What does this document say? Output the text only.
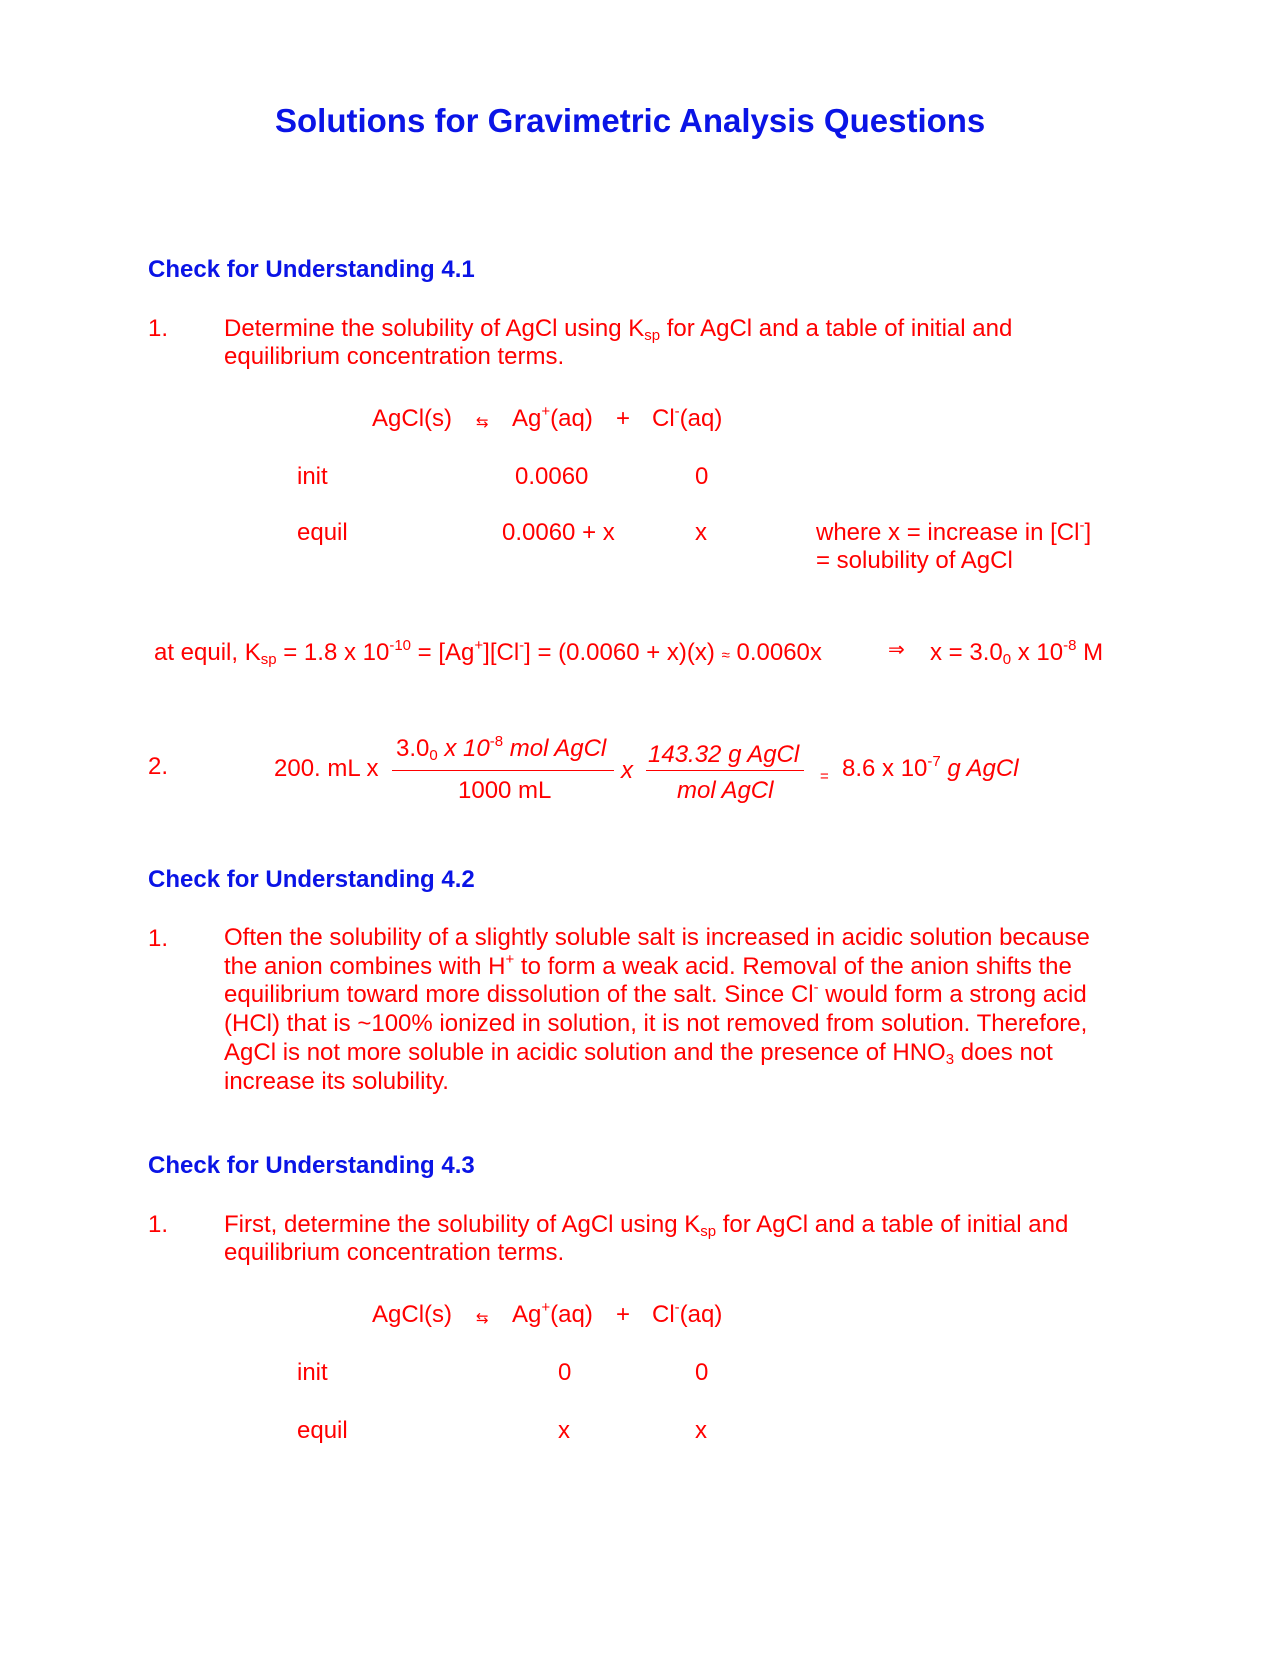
Solutions for Gravimetric Analysis Questions
Check for Understanding 4.1
1. Determine the solubility of AgCl using $K_{sp}$ for AgCl and a table of initial and
equilibrium concentration terms.
AgCl(s) ⇆ Ag+(aq) + Cl-(aq)
init	0.0060	0
equil	0.0060 + x	x	where x = increase in [Cl-]
= solubility of AgCl
at equil, $K_{sp} = 1.8$ x $10^{-10} = [Ag^+][Cl^-] = (0.0060 + x)(x) \approx 0.0060x$	⇒ $x = 3.0_0$ x $10^{-8}$ M
2.	200. mL x
$3.0_0$ x $10^{-8}$ mol AgCl
1000 mL
x
143.32 g AgCl
mol AgCl
= 8.6 x $10^{-7}$ g AgCl
Check for Understanding 4.2
1. Often the solubility of a slightly soluble salt is increased in acidic solution because the anion combines with H+ to form a weak acid. Removal of the anion shifts the equilibrium toward more dissolution of the salt. Since Cl- would form a strong acid (HCl) that is ~100% ionized in solution, it is not removed from solution. Therefore, AgCl is not more soluble in acidic solution and the presence of $HNO_3$ does not increase its solubility.
Check for Understanding 4.3
1. First, determine the solubility of AgCl using $K_{sp}$ for AgCl and a table of initial and
equilibrium concentration terms.
AgCl(s) ⇆ Ag+(aq) + Cl-(aq)
init	0	0
equil	x	x
